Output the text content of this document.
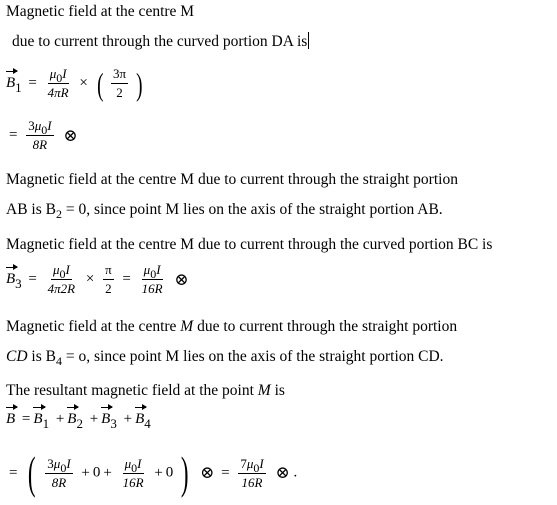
Magnetic field at the centre M
due to current through the curved portion DA is
$B1 = \frac{\mu 0I}{4\pi R}$ × ( $\frac{3\pi}{2}$ )
= $\frac{3\mu 0I}{8R}$ ⊗
Magnetic field at the centre M due to current through the straight portion
AB is $B_2 = 0$, since point M lies on the axis of the straight portion AB.
Magnetic field at the centre M due to current through the curved portion BC is
$B3 = \frac{\mu 0I}{4\pi 2R} \times \frac{\pi}{2} = \frac{\mu 0I}{16R}$ ⊗
Magnetic field at the centre M due to current through the straight portion
CD is $B_4 = o$, since point M lies on the axis of the straight portion CD.
The resultant magnetic field at the point M is
B = B1 + B2 + B3 + B4
= ( $\frac{3\mu 0I}{8R} + 0 + \frac{\mu 0I}{16R} + 0$ ) ⊗ = $\frac{7\mu 0I}{16R}$ ⊗ .
